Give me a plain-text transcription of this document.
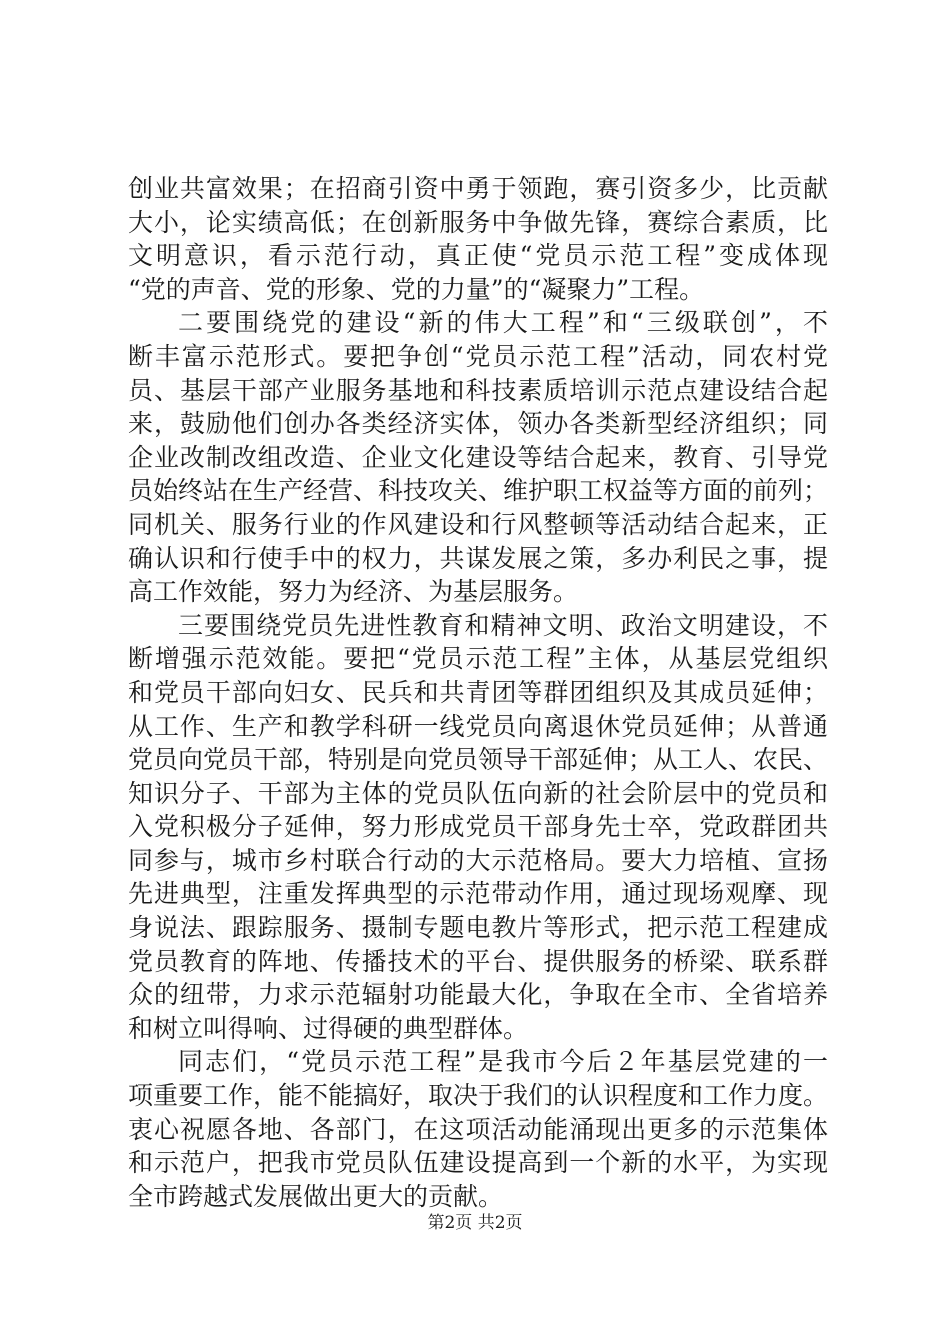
创业共富效果；在招商引资中勇于领跑，赛引资多少，比贡献
大小，论实绩高低；在创新服务中争做先锋，赛综合素质，比
文明意识，看示范行动，真正使“党员示范工程”变成体现
“党的声音、党的形象、党的力量”的“凝聚力”工程。
二要围绕党的建设“新的伟大工程”和“三级联创”，不
断丰富示范形式。要把争创“党员示范工程”活动，同农村党
员、基层干部产业服务基地和科技素质培训示范点建设结合起
来，鼓励他们创办各类经济实体，领办各类新型经济组织；同
企业改制改组改造、企业文化建设等结合起来，教育、引导党
员始终站在生产经营、科技攻关、维护职工权益等方面的前列；
同机关、服务行业的作风建设和行风整顿等活动结合起来，正
确认识和行使手中的权力，共谋发展之策，多办利民之事，提
高工作效能，努力为经济、为基层服务。
三要围绕党员先进性教育和精神文明、政治文明建设，不
断增强示范效能。要把“党员示范工程”主体，从基层党组织
和党员干部向妇女、民兵和共青团等群团组织及其成员延伸；
从工作、生产和教学科研一线党员向离退休党员延伸；从普通
党员向党员干部，特别是向党员领导干部延伸；从工人、农民、
知识分子、干部为主体的党员队伍向新的社会阶层中的党员和
入党积极分子延伸，努力形成党员干部身先士卒，党政群团共
同参与，城市乡村联合行动的大示范格局。要大力培植、宣扬
先进典型，注重发挥典型的示范带动作用，通过现场观摩、现
身说法、跟踪服务、摄制专题电教片等形式，把示范工程建成
党员教育的阵地、传播技术的平台、提供服务的桥梁、联系群
众的纽带，力求示范辐射功能最大化，争取在全市、全省培养
和树立叫得响、过得硬的典型群体。
同志们，“党员示范工程”是我市今后２年基层党建的一
项重要工作，能不能搞好，取决于我们的认识程度和工作力度。
衷心祝愿各地、各部门，在这项活动能涌现出更多的示范集体
和示范户，把我市党员队伍建设提高到一个新的水平，为实现
全市跨越式发展做出更大的贡献。
第2页 共2页
